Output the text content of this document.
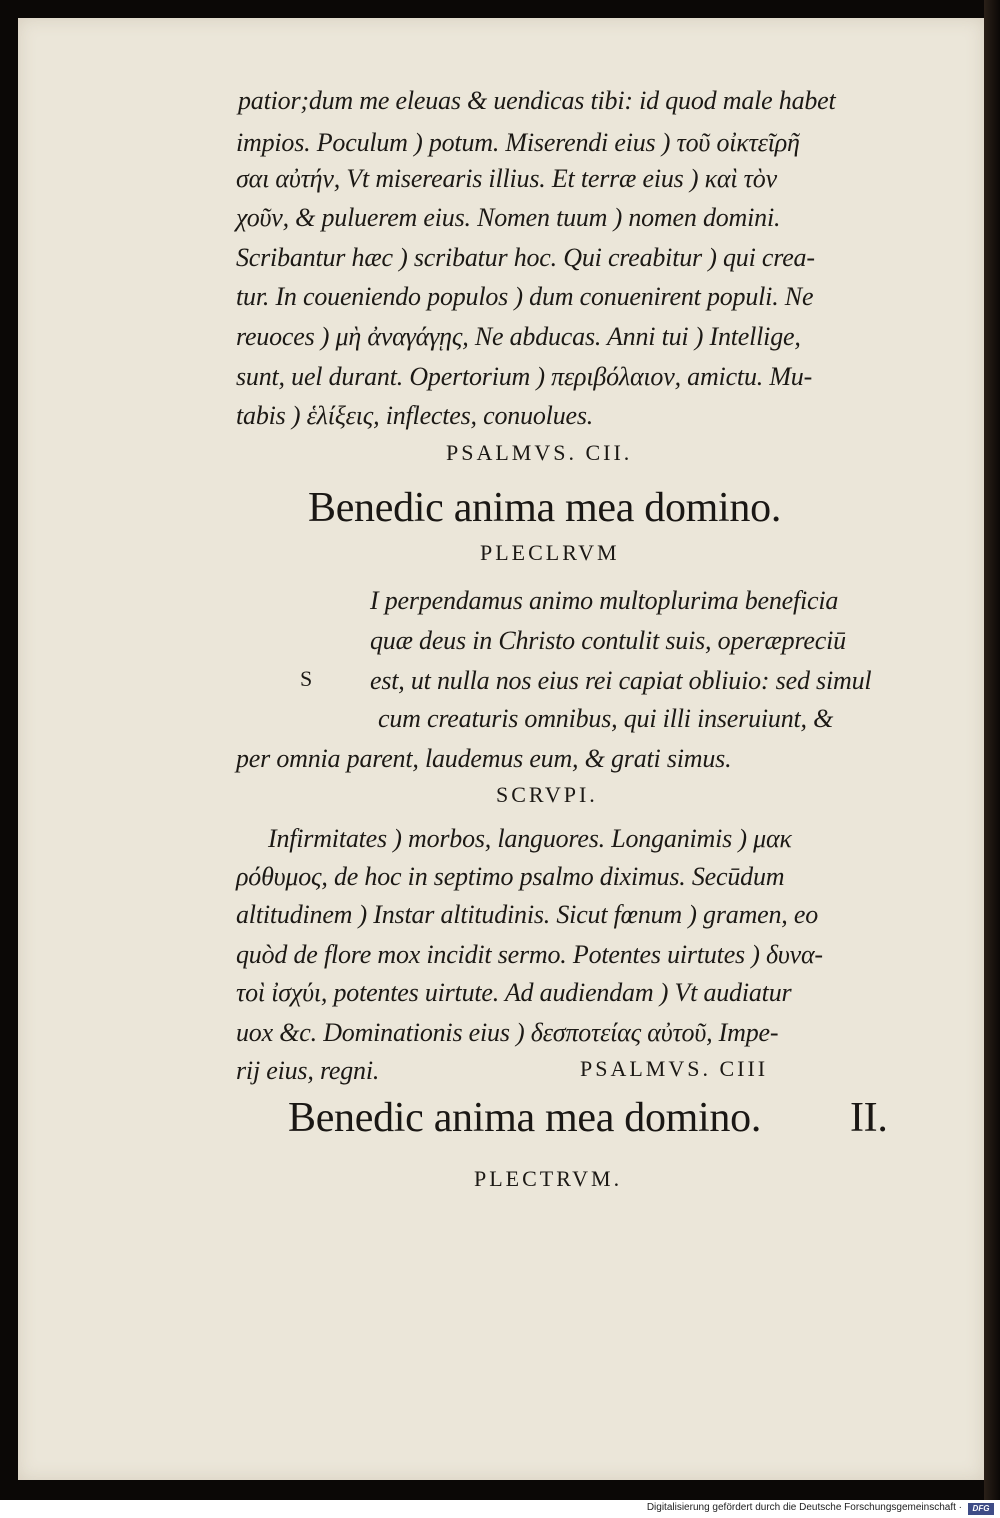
patior;dum me eleuas & uendicas tibi: id quod male habet

impios. Poculum ) potum. Miserendi eius ) τοῦ οἰκτεῖρῆ

σαι αὐτήν, Vt miserearis illius. Et terræ eius ) καὶ τὸν

χοῦν, & puluerem eius. Nomen tuum ) nomen domini.

Scribantur hæc ) scribatur hoc. Qui creabitur ) qui crea-

tur. In coueniendo populos ) dum conuenirent populi. Ne

reuoces ) μὴ ἀναγάγῃς, Ne abducas. Anni tui ) Intellige,

sunt, uel durant. Opertorium ) περιβόλαιον, amictu. Mu-

tabis ) ἑλίξεις, inflectes, conuolues.

PSALMVS. CII.

Benedic anima mea domino.

PLECLRVM

I perpendamus animo multoplurima beneficia

quæ deus in Christo contulit suis, operæpreciū

S est, ut nulla nos eius rei capiat obliuio: sed simul

cum creaturis omnibus, qui illi inseruiunt, &

per omnia parent, laudemus eum, & grati simus.

SCRVPI.

Infirmitates ) morbos, languores. Longanimis ) μακ

ρόθυμος, de hoc in septimo psalmo diximus. Secūdum

altitudinem ) Instar altitudinis. Sicut fœnum ) gramen, eo

quòd de flore mox incidit sermo. Potentes uirtutes ) δυνα-

τοὶ ἰσχύι, potentes uirtute. Ad audiendam ) Vt audiatur

uox &c. Dominationis eius ) δεσποτείας αὐτοῦ, Impe-

rij eius, regni.	PSALMVS. CIII

Benedic anima mea domino. II.

PLECTRVM.

Digitalisierung gefördert durch die Deutsche Forschungsgemeinschaft ·	DFG
